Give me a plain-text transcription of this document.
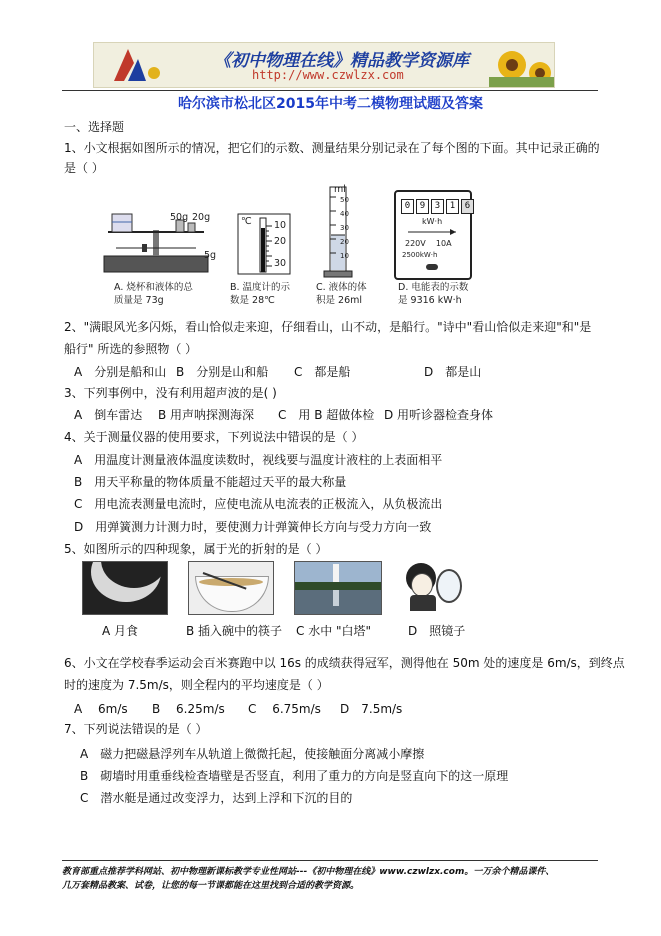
《初中物理在线》精品教学资源库
http://www.czwlzx.com
哈尔滨市松北区2015年中考二模物理试题及答案
一、选择题
1、小文根据如图所示的情况，把它们的示数、测量结果分别记录在了每个图的下面。其中记录正确的
是（ ）
50g 20g
5g
A. 烧杯和液体的总
质量是 73g
℃ 10
20
30
B. 温度计的示
数是 28℃
ml
50
40
30
20
10
C. 液体的体
积是 26ml
0	9	3	1	6
kW·h
220V    10A
2500kW·h
D. 电能表的示数
是 9316 kW·h
2、"满眼风光多闪烁，看山恰似走来迎，仔细看山，山不动，是船行。"诗中"看山恰似走来迎"和"是
船行" 所选的参照物（ ）
A　分别是船和山 B　分别是山和船 C　都是船	D　都是山
3、下列事例中，没有利用超声波的是( )
A　倒车雷达 B 用声呐探测海深 C　用 B 超做体检 D 用听诊器检查身体
4、关于测量仪器的使用要求，下列说法中错误的是（ ）
A　用温度计测量液体温度读数时，视线要与温度计液柱的上表面相平
B　用天平称量的物体质量不能超过天平的最大称量
C　用电流表测量电流时，应使电流从电流表的正极流入，从负极流出
D　用弹簧测力计测力时，要使测力计弹簧伸长方向与受力方向一致
5、如图所示的四种现象，属于光的折射的是（ ）
A 月食	B 插入碗中的筷子 C 水中 "白塔"	D　照镜子
6、小文在学校春季运动会百米赛跑中以 16s 的成绩获得冠军，测得他在 50m 处的速度是 6m/s，到终点
时的速度为 7.5m/s，则全程内的平均速度是（ ）
A　 6m/s B　 6.25m/s C　 6.75m/s D　7.5m/s
7、下列说法错误的是（ ）
A　磁力把磁悬浮列车从轨道上微微托起，使接触面分离减小摩擦
B　砌墙时用重垂线检查墙壁是否竖直，利用了重力的方向是竖直向下的这一原理
C　潜水艇是通过改变浮力，达到上浮和下沉的目的
教育部重点推荐学科网站、初中物理新课标教学专业性网站---《初中物理在线》www.czwlzx.com。一万余个精品课件、
几万套精品教案、试卷，让您的每一节课都能在这里找到合适的教学资源。
